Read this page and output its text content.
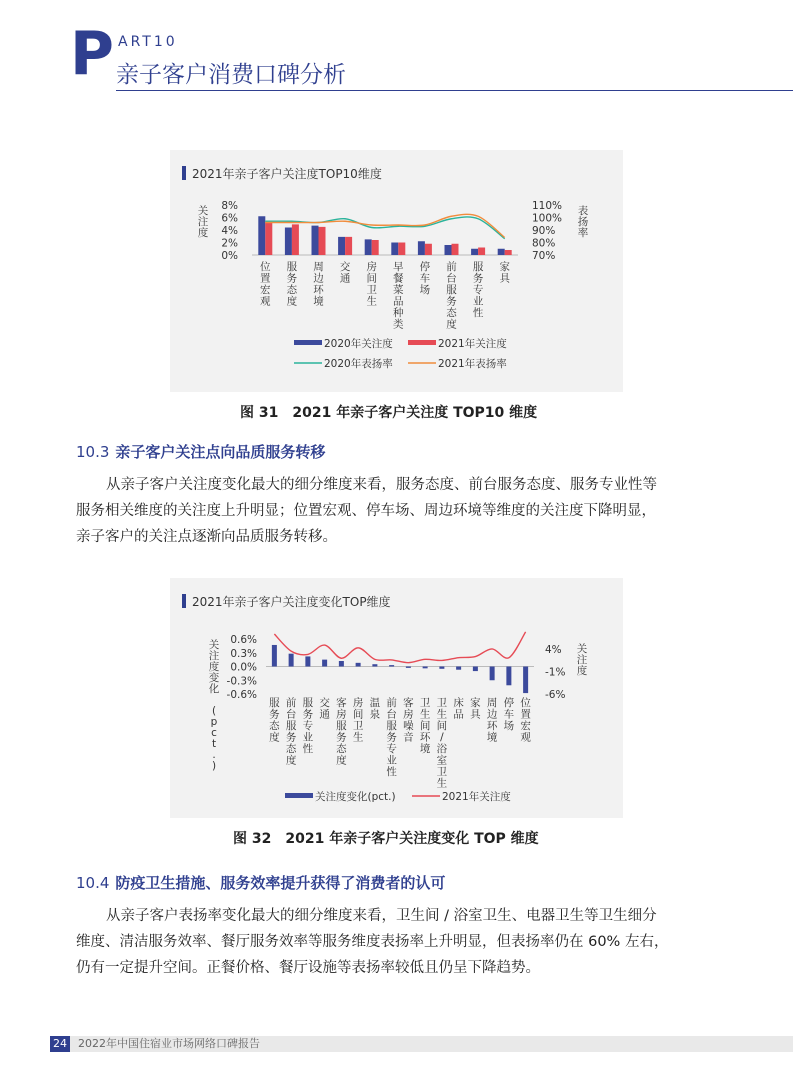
P ART10
亲子客户消费口碑分析
2021年亲子客户关注度TOP10维度
8%
6%
4%
2%
0%
110%
100%
90%
80%
70%
关注度
表扬率
位置宏观
服务态度
周边环境
交通
房间卫生
早餐菜品种类
停车场
前台服务态度
服务专业性
家具
2020年关注度	2021年关注度
2020年表扬率	2021年表扬率
图 31　2021 年亲子客户关注度 TOP10 维度
10.3 亲子客户关注点向品质服务转移
从亲子客户关注度变化最大的细分维度来看，服务态度、前台服务态度、服务专业性等
服务相关维度的关注度上升明显；位置宏观、停车场、周边环境等维度的关注度下降明显，
亲子客户的关注点逐渐向品质服务转移。
2021年亲子客户关注度变化TOP维度
0.6%
0.3%
0.0%
-0.3%
-0.6%
4%
-1%
-6%
关注度变化 ( p c t . )
关注度
服务态度
前台服务态度
服务专业性
交通
客房服务态度
房间卫生
温泉
前台服务专业性
客房噪音
卫生间环境
卫生间/浴室卫生
床品
家具
周边环境
停车场
位置宏观
关注度变化(pct.)	2021年关注度
图 32　2021 年亲子客户关注度变化 TOP 维度
10.4 防疫卫生措施、服务效率提升获得了消费者的认可
从亲子客户表扬率变化最大的细分维度来看，卫生间 / 浴室卫生、电器卫生等卫生细分
维度、清洁服务效率、餐厅服务效率等服务维度表扬率上升明显，但表扬率仍在 60% 左右，
仍有一定提升空间。正餐价格、餐厅设施等表扬率较低且仍呈下降趋势。
24 2022年中国住宿业市场网络口碑报告
